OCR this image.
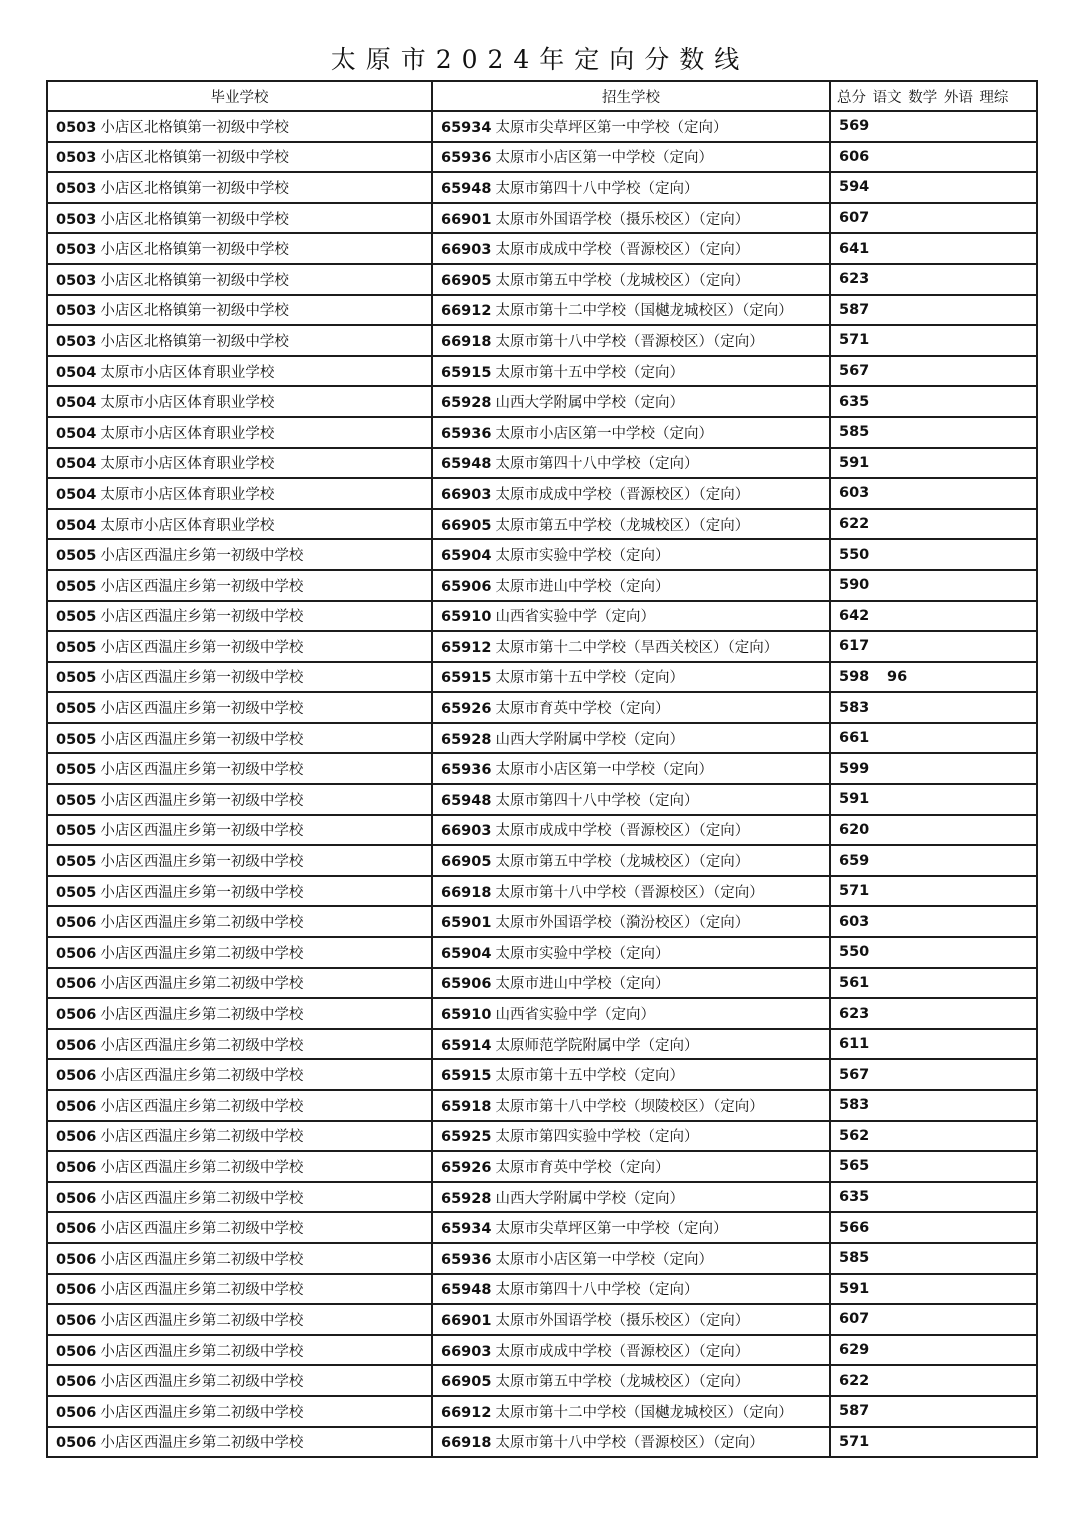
太原市2024年定向分数线
毕业学校	招生学校	总分 语文 数学 外语 理综
0503 小店区北格镇第一初级中学校	65934 太原市尖草坪区第一中学校（定向）	569
0503 小店区北格镇第一初级中学校	65936 太原市小店区第一中学校（定向）	606
0503 小店区北格镇第一初级中学校	65948 太原市第四十八中学校（定向）	594
0503 小店区北格镇第一初级中学校	66901 太原市外国语学校（摄乐校区）（定向）	607
0503 小店区北格镇第一初级中学校	66903 太原市成成中学校（晋源校区）（定向）	641
0503 小店区北格镇第一初级中学校	66905 太原市第五中学校（龙城校区）（定向）	623
0503 小店区北格镇第一初级中学校	66912 太原市第十二中学校（国樾龙城校区）（定向）	587
0503 小店区北格镇第一初级中学校	66918 太原市第十八中学校（晋源校区）（定向）	571
0504 太原市小店区体育职业学校	65915 太原市第十五中学校（定向）	567
0504 太原市小店区体育职业学校	65928 山西大学附属中学校（定向）	635
0504 太原市小店区体育职业学校	65936 太原市小店区第一中学校（定向）	585
0504 太原市小店区体育职业学校	65948 太原市第四十八中学校（定向）	591
0504 太原市小店区体育职业学校	66903 太原市成成中学校（晋源校区）（定向）	603
0504 太原市小店区体育职业学校	66905 太原市第五中学校（龙城校区）（定向）	622
0505 小店区西温庄乡第一初级中学校	65904 太原市实验中学校（定向）	550
0505 小店区西温庄乡第一初级中学校	65906 太原市进山中学校（定向）	590
0505 小店区西温庄乡第一初级中学校	65910 山西省实验中学（定向）	642
0505 小店区西温庄乡第一初级中学校	65912 太原市第十二中学校（旱西关校区）（定向）	617
0505 小店区西温庄乡第一初级中学校	65915 太原市第十五中学校（定向）	598 96
0505 小店区西温庄乡第一初级中学校	65926 太原市育英中学校（定向）	583
0505 小店区西温庄乡第一初级中学校	65928 山西大学附属中学校（定向）	661
0505 小店区西温庄乡第一初级中学校	65936 太原市小店区第一中学校（定向）	599
0505 小店区西温庄乡第一初级中学校	65948 太原市第四十八中学校（定向）	591
0505 小店区西温庄乡第一初级中学校	66903 太原市成成中学校（晋源校区）（定向）	620
0505 小店区西温庄乡第一初级中学校	66905 太原市第五中学校（龙城校区）（定向）	659
0505 小店区西温庄乡第一初级中学校	66918 太原市第十八中学校（晋源校区）（定向）	571
0506 小店区西温庄乡第二初级中学校	65901 太原市外国语学校（漪汾校区）（定向）	603
0506 小店区西温庄乡第二初级中学校	65904 太原市实验中学校（定向）	550
0506 小店区西温庄乡第二初级中学校	65906 太原市进山中学校（定向）	561
0506 小店区西温庄乡第二初级中学校	65910 山西省实验中学（定向）	623
0506 小店区西温庄乡第二初级中学校	65914 太原师范学院附属中学（定向）	611
0506 小店区西温庄乡第二初级中学校	65915 太原市第十五中学校（定向）	567
0506 小店区西温庄乡第二初级中学校	65918 太原市第十八中学校（坝陵校区）（定向）	583
0506 小店区西温庄乡第二初级中学校	65925 太原市第四实验中学校（定向）	562
0506 小店区西温庄乡第二初级中学校	65926 太原市育英中学校（定向）	565
0506 小店区西温庄乡第二初级中学校	65928 山西大学附属中学校（定向）	635
0506 小店区西温庄乡第二初级中学校	65934 太原市尖草坪区第一中学校（定向）	566
0506 小店区西温庄乡第二初级中学校	65936 太原市小店区第一中学校（定向）	585
0506 小店区西温庄乡第二初级中学校	65948 太原市第四十八中学校（定向）	591
0506 小店区西温庄乡第二初级中学校	66901 太原市外国语学校（摄乐校区）（定向）	607
0506 小店区西温庄乡第二初级中学校	66903 太原市成成中学校（晋源校区）（定向）	629
0506 小店区西温庄乡第二初级中学校	66905 太原市第五中学校（龙城校区）（定向）	622
0506 小店区西温庄乡第二初级中学校	66912 太原市第十二中学校（国樾龙城校区）（定向）	587
0506 小店区西温庄乡第二初级中学校	66918 太原市第十八中学校（晋源校区）（定向）	571
